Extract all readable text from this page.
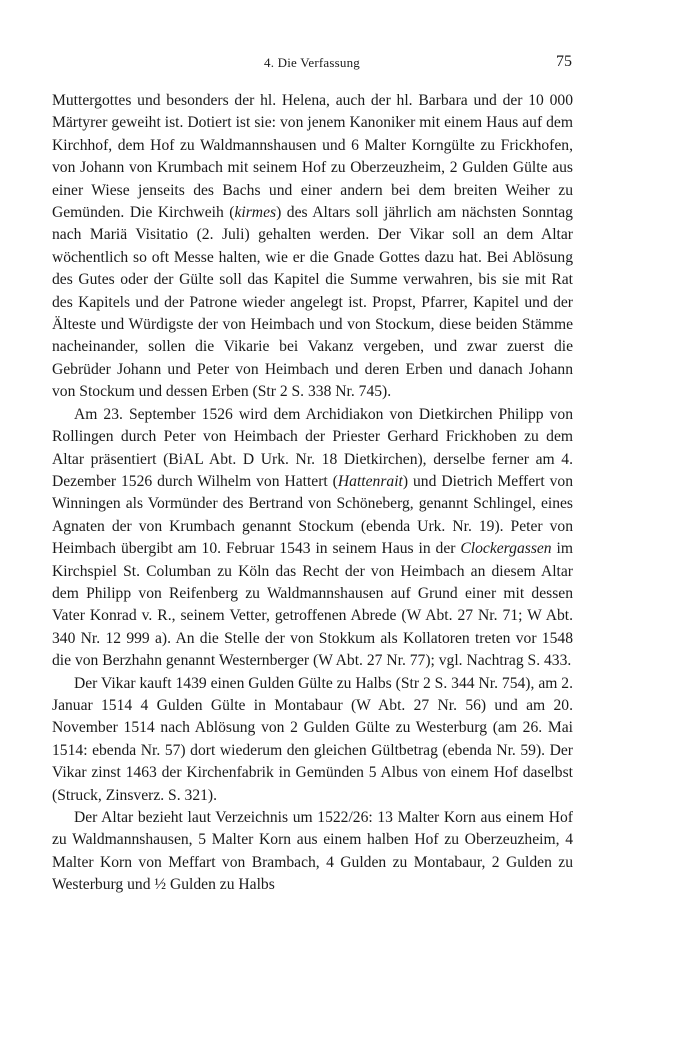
4. Die Verfassung	75

Muttergottes und besonders der hl. Helena, auch der hl. Barbara und der 10 000 Märtyrer geweiht ist. Dotiert ist sie: von jenem Kanoniker mit einem Haus auf dem Kirchhof, dem Hof zu Waldmannshausen und 6 Malter Korngülte zu Frickhofen, von Johann von Krumbach mit seinem Hof zu Oberzeuzheim, 2 Gulden Gülte aus einer Wiese jenseits des Bachs und einer andern bei dem breiten Weiher zu Gemünden. Die Kirchweih (kirmes) des Altars soll jährlich am nächsten Sonntag nach Mariä Visitatio (2. Juli) gehalten werden. Der Vikar soll an dem Altar wöchentlich so oft Messe halten, wie er die Gnade Gottes dazu hat. Bei Ablösung des Gutes oder der Gülte soll das Kapitel die Summe verwahren, bis sie mit Rat des Kapitels und der Patrone wieder angelegt ist. Propst, Pfarrer, Kapitel und der Älteste und Würdigste der von Heimbach und von Stockum, diese beiden Stämme nacheinander, sollen die Vikarie bei Vakanz vergeben, und zwar zuerst die Gebrüder Johann und Peter von Heimbach und deren Erben und danach Johann von Stockum und dessen Erben (Str 2 S. 338 Nr. 745).

Am 23. September 1526 wird dem Archidiakon von Dietkirchen Philipp von Rollingen durch Peter von Heimbach der Priester Gerhard Frickhoben zu dem Altar präsentiert (BiAL Abt. D Urk. Nr. 18 Dietkirchen), derselbe ferner am 4. Dezember 1526 durch Wilhelm von Hattert (Hattenrait) und Dietrich Meffert von Winningen als Vormünder des Bertrand von Schöneberg, genannt Schlingel, eines Agnaten der von Krumbach genannt Stockum (ebenda Urk. Nr. 19). Peter von Heimbach übergibt am 10. Februar 1543 in seinem Haus in der Clockergassen im Kirchspiel St. Columban zu Köln das Recht der von Heimbach an diesem Altar dem Philipp von Reifenberg zu Waldmannshausen auf Grund einer mit dessen Vater Konrad v. R., seinem Vetter, getroffenen Abrede (W Abt. 27 Nr. 71; W Abt. 340 Nr. 12 999 a). An die Stelle der von Stokkum als Kollatoren treten vor 1548 die von Berzhahn genannt Westernberger (W Abt. 27 Nr. 77); vgl. Nachtrag S. 433.

Der Vikar kauft 1439 einen Gulden Gülte zu Halbs (Str 2 S. 344 Nr. 754), am 2. Januar 1514 4 Gulden Gülte in Montabaur (W Abt. 27 Nr. 56) und am 20. November 1514 nach Ablösung von 2 Gulden Gülte zu Westerburg (am 26. Mai 1514: ebenda Nr. 57) dort wiederum den gleichen Gültbetrag (ebenda Nr. 59). Der Vikar zinst 1463 der Kirchenfabrik in Gemünden 5 Albus von einem Hof daselbst (Struck, Zinsverz. S. 321).

Der Altar bezieht laut Verzeichnis um 1522/26: 13 Malter Korn aus einem Hof zu Waldmannshausen, 5 Malter Korn aus einem halben Hof zu Oberzeuzheim, 4 Malter Korn von Meffart von Brambach, 4 Gulden zu Montabaur, 2 Gulden zu Westerburg und ½ Gulden zu Halbs
